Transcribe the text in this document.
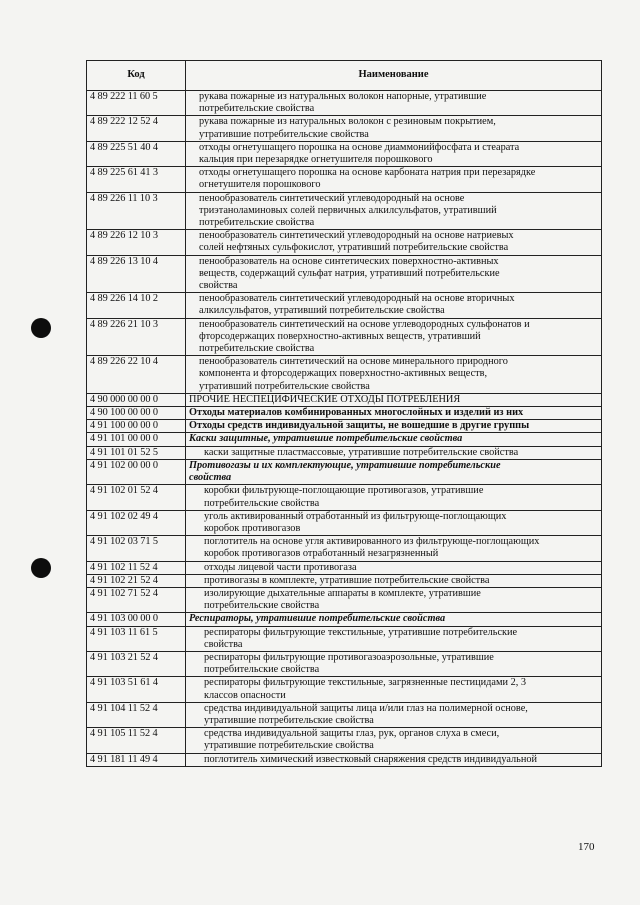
Код	Наименование
4 89 222 11 60 5	рукава пожарные из натуральных волокон напорные, утратившие
потребительские свойства
4 89 222 12 52 4	рукава пожарные из натуральных волокон с резиновым покрытием,
утратившие потребительские свойства
4 89 225 51 40 4	отходы огнетушащего порошка на основе диаммонийфосфата и стеарата
кальция при перезарядке огнетушителя порошкового
4 89 225 61 41 3	отходы огнетушащего порошка на основе карбоната натрия при перезарядке
огнетушителя порошкового
4 89 226 11 10 3	пенообразователь синтетический углеводородный на основе
триэтаноламиновых солей первичных алкилсульфатов, утративший
потребительские свойства
4 89 226 12 10 3	пенообразователь синтетический углеводородный на основе натриевых
солей нефтяных сульфокислот, утративший потребительские свойства
4 89 226 13 10 4	пенообразователь на основе синтетических поверхностно-активных
веществ, содержащий сульфат натрия, утративший потребительские
свойства
4 89 226 14 10 2	пенообразователь синтетический углеводородный на основе вторичных
алкилсульфатов, утративший потребительские свойства
4 89 226 21 10 3	пенообразователь синтетический на основе углеводородных сульфонатов и
фторсодержащих поверхностно-активных веществ, утративший
потребительские свойства
4 89 226 22 10 4	пенообразователь синтетический на основе минерального природного
компонента и фторсодержащих поверхностно-активных веществ,
утративший потребительские свойства
4 90 000 00 00 0	ПРОЧИЕ НЕСПЕЦИФИЧЕСКИЕ ОТХОДЫ ПОТРЕБЛЕНИЯ
4 90 100 00 00 0	Отходы материалов комбинированных многослойных и изделий из них
4 91 100 00 00 0	Отходы средств индивидуальной защиты, не вошедшие в другие группы
4 91 101 00 00 0	Каски защитные, утратившие потребительские свойства
4 91 101 01 52 5	каски защитные пластмассовые, утратившие потребительские свойства
4 91 102 00 00 0	Противогазы и их комплектующие, утратившие потребительские
свойства
4 91 102 01 52 4	коробки фильтрующе-поглощающие противогазов, утратившие
потребительские свойства
4 91 102 02 49 4	уголь активированный отработанный из фильтрующе-поглощающих
коробок противогазов
4 91 102 03 71 5	поглотитель на основе угля активированного из фильтрующе-поглощающих
коробок противогазов отработанный незагрязненный
4 91 102 11 52 4	отходы лицевой части противогаза
4 91 102 21 52 4	противогазы в комплекте, утратившие потребительские свойства
4 91 102 71 52 4	изолирующие дыхательные аппараты в комплекте, утратившие
потребительские свойства
4 91 103 00 00 0	Респираторы, утратившие потребительские свойства
4 91 103 11 61 5	респираторы фильтрующие текстильные, утратившие потребительские
свойства
4 91 103 21 52 4	респираторы фильтрующие противогазоаэрозольные, утратившие
потребительские свойства
4 91 103 51 61 4	респираторы фильтрующие текстильные, загрязненные пестицидами 2, 3
классов опасности
4 91 104 11 52 4	средства индивидуальной защиты лица и/или глаз на полимерной основе,
утратившие потребительские свойства
4 91 105 11 52 4	средства индивидуальной защиты глаз, рук, органов слуха в смеси,
утратившие потребительские свойства
4 91 181 11 49 4	поглотитель химический известковый снаряжения средств индивидуальной
170
